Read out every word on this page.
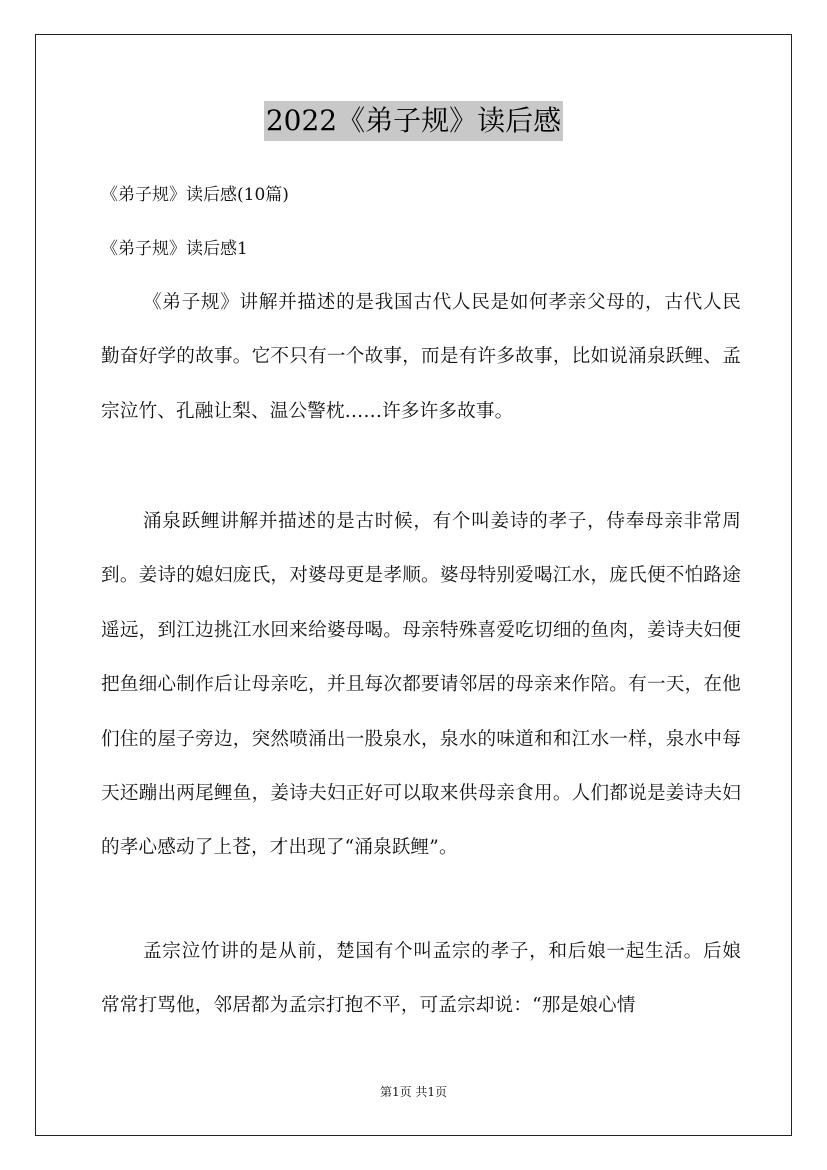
2022《弟子规》读后感
《弟子规》读后感(10篇)
《弟子规》读后感1
《弟子规》讲解并描述的是我国古代人民是如何孝亲父母的，古代人民勤奋好学的故事。它不只有一个故事，而是有许多故事，比如说涌泉跃鲤、孟宗泣竹、孔融让梨、温公警枕……许多许多故事。
涌泉跃鲤讲解并描述的是古时候，有个叫姜诗的孝子，侍奉母亲非常周到。姜诗的媳妇庞氏，对婆母更是孝顺。婆母特别爱喝江水，庞氏便不怕路途遥远，到江边挑江水回来给婆母喝。母亲特殊喜爱吃切细的鱼肉，姜诗夫妇便把鱼细心制作后让母亲吃，并且每次都要请邻居的母亲来作陪。有一天，在他们住的屋子旁边，突然喷涌出一股泉水，泉水的味道和和江水一样，泉水中每天还蹦出两尾鲤鱼，姜诗夫妇正好可以取来供母亲食用。人们都说是姜诗夫妇的孝心感动了上苍，才出现了“涌泉跃鲤”。
孟宗泣竹讲的是从前，楚国有个叫孟宗的孝子，和后娘一起生活。后娘常常打骂他，邻居都为孟宗打抱不平，可孟宗却说：“那是娘心情
第1页 共1页
